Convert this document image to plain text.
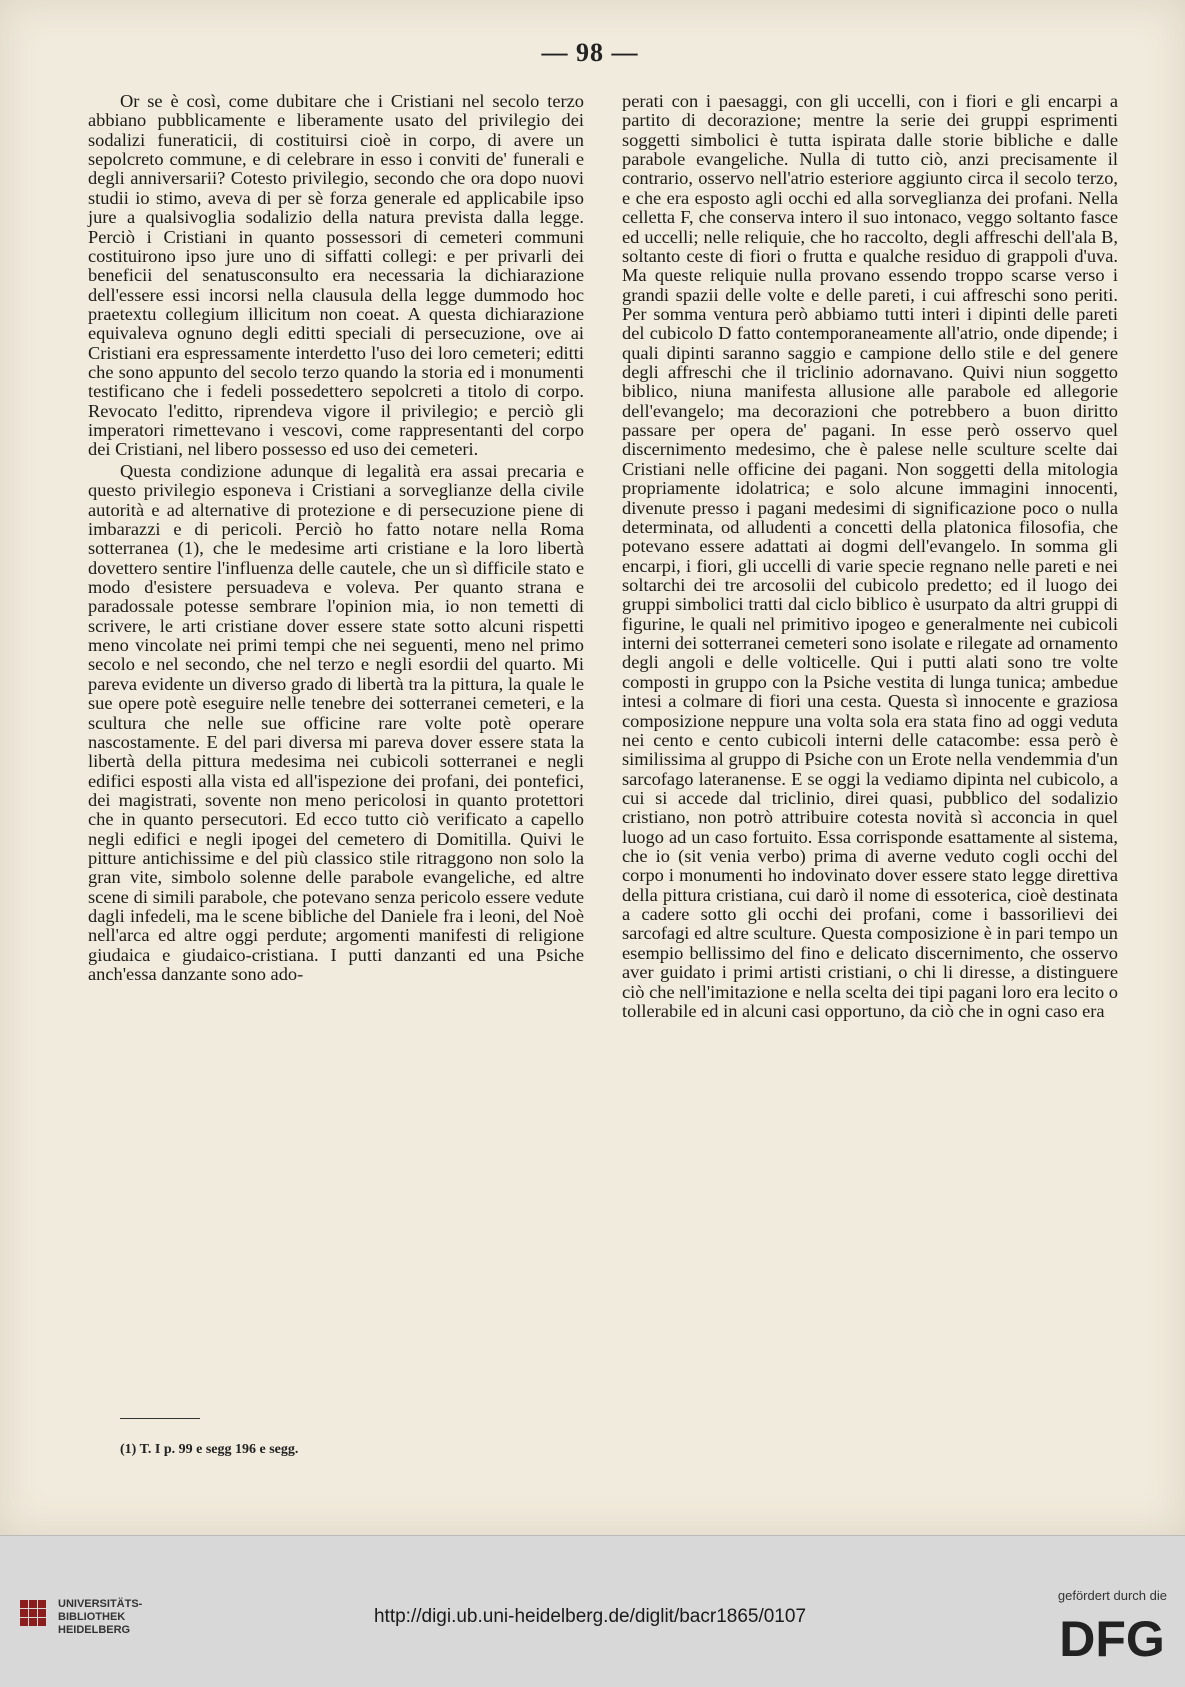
— 98 —

Or se è così, come dubitare che i Cristiani nel secolo terzo abbiano pubblicamente e liberamente usato del privilegio dei sodalizi funeraticii, di costituirsi cioè in corpo, di avere un sepolcreto commune, e di celebrare in esso i conviti de' funerali e degli anniversarii? Cotesto privilegio, secondo che ora dopo nuovi studii io stimo, aveva di per sè forza generale ed applicabile ipso jure a qualsivoglia sodalizio della natura prevista dalla legge. Perciò i Cristiani in quanto possessori di cemeteri communi costituirono ipso jure uno di siffatti collegi: e per privarli dei beneficii del senatusconsulto era necessaria la dichiarazione dell'essere essi incorsi nella clausula della legge dummodo hoc praetextu collegium illicitum non coeat. A questa dichiarazione equivaleva ognuno degli editti speciali di persecuzione, ove ai Cristiani era espressamente interdetto l'uso dei loro cemeteri; editti che sono appunto del secolo terzo quando la storia ed i monumenti testificano che i fedeli possedettero sepolcreti a titolo di corpo. Revocato l'editto, riprendeva vigore il privilegio; e perciò gli imperatori rimettevano i vescovi, come rappresentanti del corpo dei Cristiani, nel libero possesso ed uso dei cemeteri.

Questa condizione adunque di legalità era assai precaria e questo privilegio esponeva i Cristiani a sorveglianze della civile autorità e ad alternative di protezione e di persecuzione piene di imbarazzi e di pericoli. Perciò ho fatto notare nella Roma sotterranea (1), che le medesime arti cristiane e la loro libertà dovettero sentire l'influenza delle cautele, che un sì difficile stato e modo d'esistere persuadeva e voleva. Per quanto strana e paradossale potesse sembrare l'opinion mia, io non temetti di scrivere, le arti cristiane dover essere state sotto alcuni rispetti meno vincolate nei primi tempi che nei seguenti, meno nel primo secolo e nel secondo, che nel terzo e negli esordii del quarto. Mi pareva evidente un diverso grado di libertà tra la pittura, la quale le sue opere potè eseguire nelle tenebre dei sotterranei cemeteri, e la scultura che nelle sue officine rare volte potè operare nascostamente. E del pari diversa mi pareva dover essere stata la libertà della pittura medesima nei cubicoli sotterranei e negli edifici esposti alla vista ed all'ispezione dei profani, dei pontefici, dei magistrati, sovente non meno pericolosi in quanto protettori che in quanto persecutori. Ed ecco tutto ciò verificato a capello negli edifici e negli ipogei del cemetero di Domitilla. Quivi le pitture antichissime e del più classico stile ritraggono non solo la gran vite, simbolo solenne delle parabole evangeliche, ed altre scene di simili parabole, che potevano senza pericolo essere vedute dagli infedeli, ma le scene bibliche del Daniele fra i leoni, del Noè nell'arca ed altre oggi perdute; argomenti manifesti di religione giudaica e giudaico-cristiana. I putti danzanti ed una Psiche anch'essa danzante sono ado-

perati con i paesaggi, con gli uccelli, con i fiori e gli encarpi a partito di decorazione; mentre la serie dei gruppi esprimenti soggetti simbolici è tutta ispirata dalle storie bibliche e dalle parabole evangeliche. Nulla di tutto ciò, anzi precisamente il contrario, osservo nell'atrio esteriore aggiunto circa il secolo terzo, e che era esposto agli occhi ed alla sorveglianza dei profani. Nella celletta F, che conserva intero il suo intonaco, veggo soltanto fasce ed uccelli; nelle reliquie, che ho raccolto, degli affreschi dell'ala B, soltanto ceste di fiori o frutta e qualche residuo di grappoli d'uva. Ma queste reliquie nulla provano essendo troppo scarse verso i grandi spazii delle volte e delle pareti, i cui affreschi sono periti. Per somma ventura però abbiamo tutti interi i dipinti delle pareti del cubicolo D fatto contemporaneamente all'atrio, onde dipende; i quali dipinti saranno saggio e campione dello stile e del genere degli affreschi che il triclinio adornavano. Quivi niun soggetto biblico, niuna manifesta allusione alle parabole ed allegorie dell'evangelo; ma decorazioni che potrebbero a buon diritto passare per opera de' pagani. In esse però osservo quel discernimento medesimo, che è palese nelle sculture scelte dai Cristiani nelle officine dei pagani. Non soggetti della mitologia propriamente idolatrica; e solo alcune immagini innocenti, divenute presso i pagani medesimi di significazione poco o nulla determinata, od alludenti a concetti della platonica filosofia, che potevano essere adattati ai dogmi dell'evangelo. In somma gli encarpi, i fiori, gli uccelli di varie specie regnano nelle pareti e nei soltarchi dei tre arcosolii del cubicolo predetto; ed il luogo dei gruppi simbolici tratti dal ciclo biblico è usurpato da altri gruppi di figurine, le quali nel primitivo ipogeo e generalmente nei cubicoli interni dei sotterranei cemeteri sono isolate e rilegate ad ornamento degli angoli e delle volticelle. Qui i putti alati sono tre volte composti in gruppo con la Psiche vestita di lunga tunica; ambedue intesi a colmare di fiori una cesta. Questa sì innocente e graziosa composizione neppure una volta sola era stata fino ad oggi veduta nei cento e cento cubicoli interni delle catacombe: essa però è similissima al gruppo di Psiche con un Erote nella vendemmia d'un sarcofago lateranense. E se oggi la vediamo dipinta nel cubicolo, a cui si accede dal triclinio, direi quasi, pubblico del sodalizio cristiano, non potrò attribuire cotesta novità sì acconcia in quel luogo ad un caso fortuito. Essa corrisponde esattamente al sistema, che io (sit venia verbo) prima di averne veduto cogli occhi del corpo i monumenti ho indovinato dover essere stato legge direttiva della pittura cristiana, cui darò il nome di essoterica, cioè destinata a cadere sotto gli occhi dei profani, come i bassorilievi dei sarcofagi ed altre sculture. Questa composizione è in pari tempo un esempio bellissimo del fino e delicato discernimento, che osservo aver guidato i primi artisti cristiani, o chi li diresse, a distinguere ciò che nell'imitazione e nella scelta dei tipi pagani loro era lecito o tollerabile ed in alcuni casi opportuno, da ciò che in ogni caso era

(1) T. I p. 99 e segg 196 e segg.
UNIVERSITÄTS-
BIBLIOTHEK
HEIDELBERG
http://digi.ub.uni-heidelberg.de/diglit/bacr1865/0107
gefördert durch die
DFG
